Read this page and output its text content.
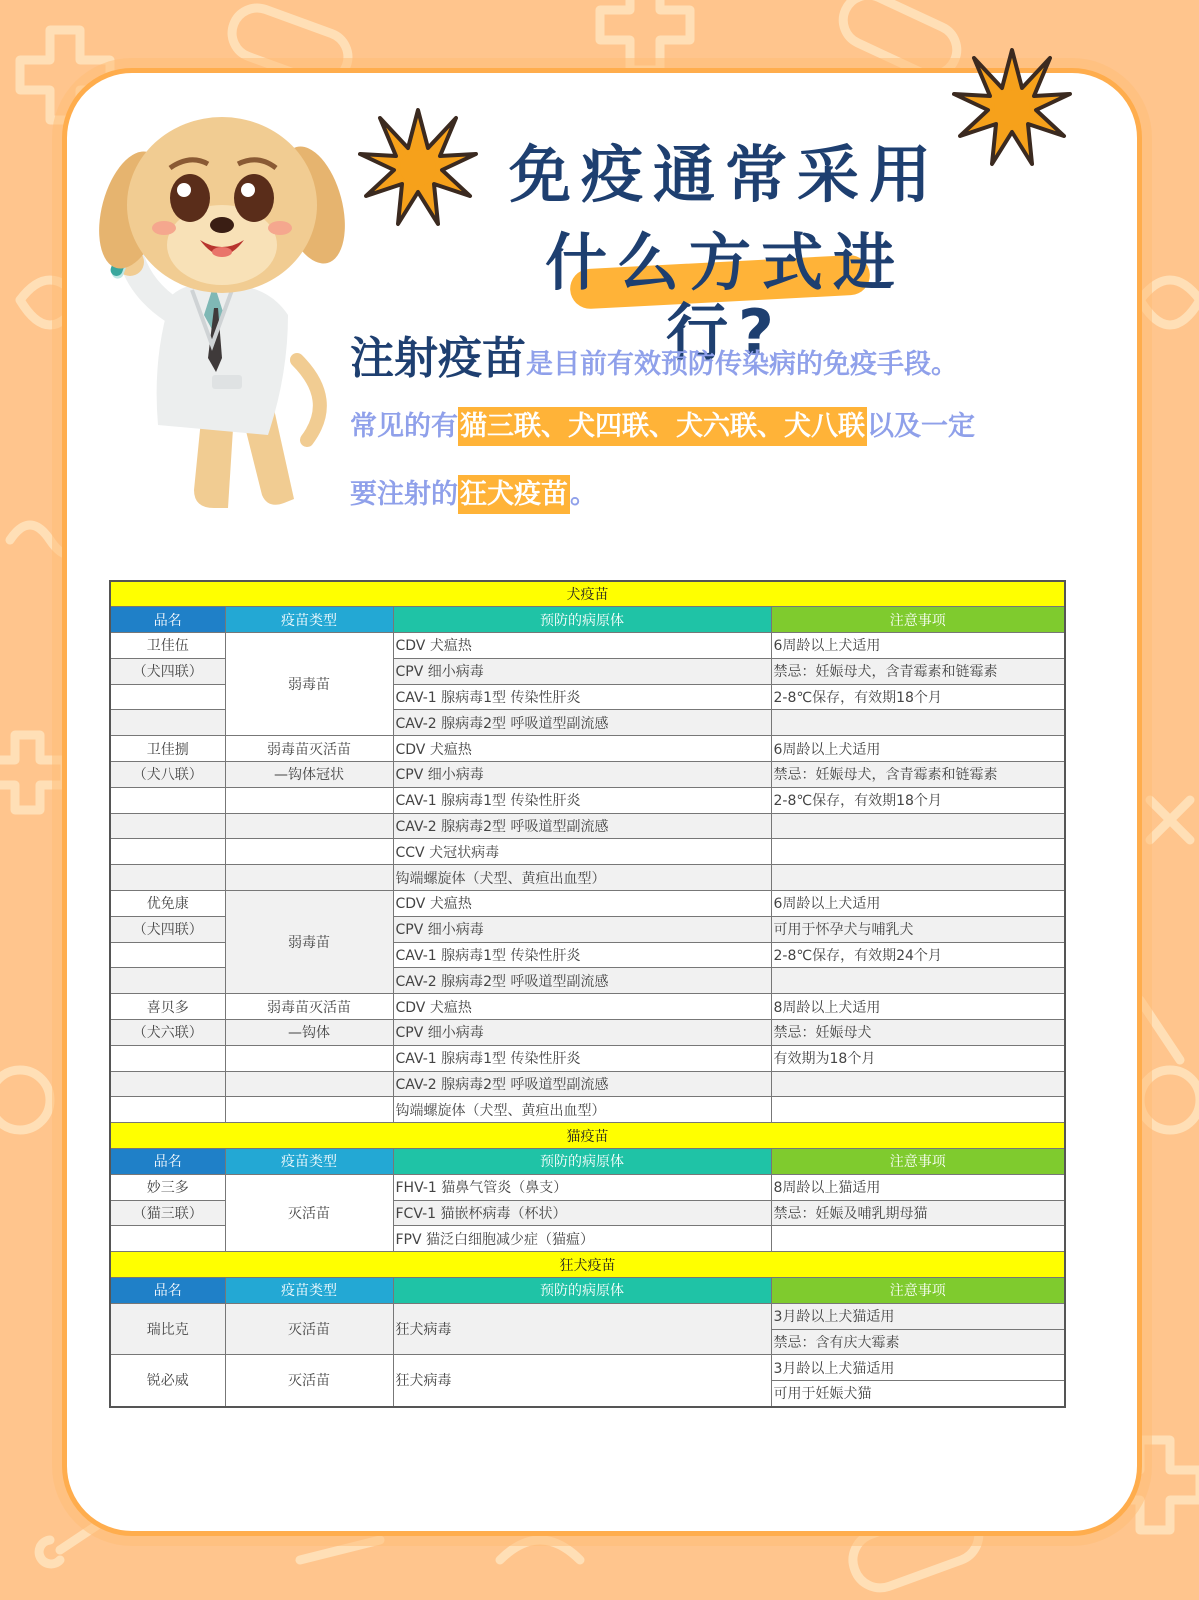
免疫通常采用
什么方式进行?
注射疫苗是目前有效预防传染病的免疫手段。
常见的有猫三联、犬四联、犬六联、犬八联以及一定
要注射的狂犬疫苗。
犬疫苗			
品名	疫苗类型	预防的病原体	注意事项
卫佳伍	弱毒苗	CDV 犬瘟热	6周龄以上犬适用
（犬四联）		CPV 细小病毒	禁忌：妊娠母犬，含青霉素和链霉素
		CAV-1 腺病毒1型 传染性肝炎	2-8℃保存，有效期18个月
		CAV-2 腺病毒2型 呼吸道型副流感	
卫佳捌	弱毒苗灭活苗	CDV 犬瘟热	6周龄以上犬适用
（犬八联）	—钩体冠状	CPV 细小病毒	禁忌：妊娠母犬，含青霉素和链霉素
		CAV-1 腺病毒1型 传染性肝炎	2-8℃保存，有效期18个月
		CAV-2 腺病毒2型 呼吸道型副流感	
		CCV 犬冠状病毒	
		钩端螺旋体（犬型、黄疸出血型）	
优免康	弱毒苗	CDV 犬瘟热	6周龄以上犬适用
（犬四联）		CPV 细小病毒	可用于怀孕犬与哺乳犬
		CAV-1 腺病毒1型 传染性肝炎	2-8℃保存，有效期24个月
		CAV-2 腺病毒2型 呼吸道型副流感	
喜贝多	弱毒苗灭活苗	CDV 犬瘟热	8周龄以上犬适用
（犬六联）	—钩体	CPV 细小病毒	禁忌：妊娠母犬
		CAV-1 腺病毒1型 传染性肝炎	有效期为18个月
		CAV-2 腺病毒2型 呼吸道型副流感	
		钩端螺旋体（犬型、黄疸出血型）	
猫疫苗			
品名	疫苗类型	预防的病原体	注意事项
妙三多	灭活苗	FHV-1 猫鼻气管炎（鼻支）	8周龄以上猫适用
（猫三联）		FCV-1 猫嵌杯病毒（杯状）	禁忌：妊娠及哺乳期母猫
		FPV 猫泛白细胞减少症（猫瘟）	
狂犬疫苗			
品名	疫苗类型	预防的病原体	注意事项
瑞比克	灭活苗	狂犬病毒	3月龄以上犬猫适用
			禁忌：含有庆大霉素
锐必威	灭活苗	狂犬病毒	3月龄以上犬猫适用
			可用于妊娠犬猫
